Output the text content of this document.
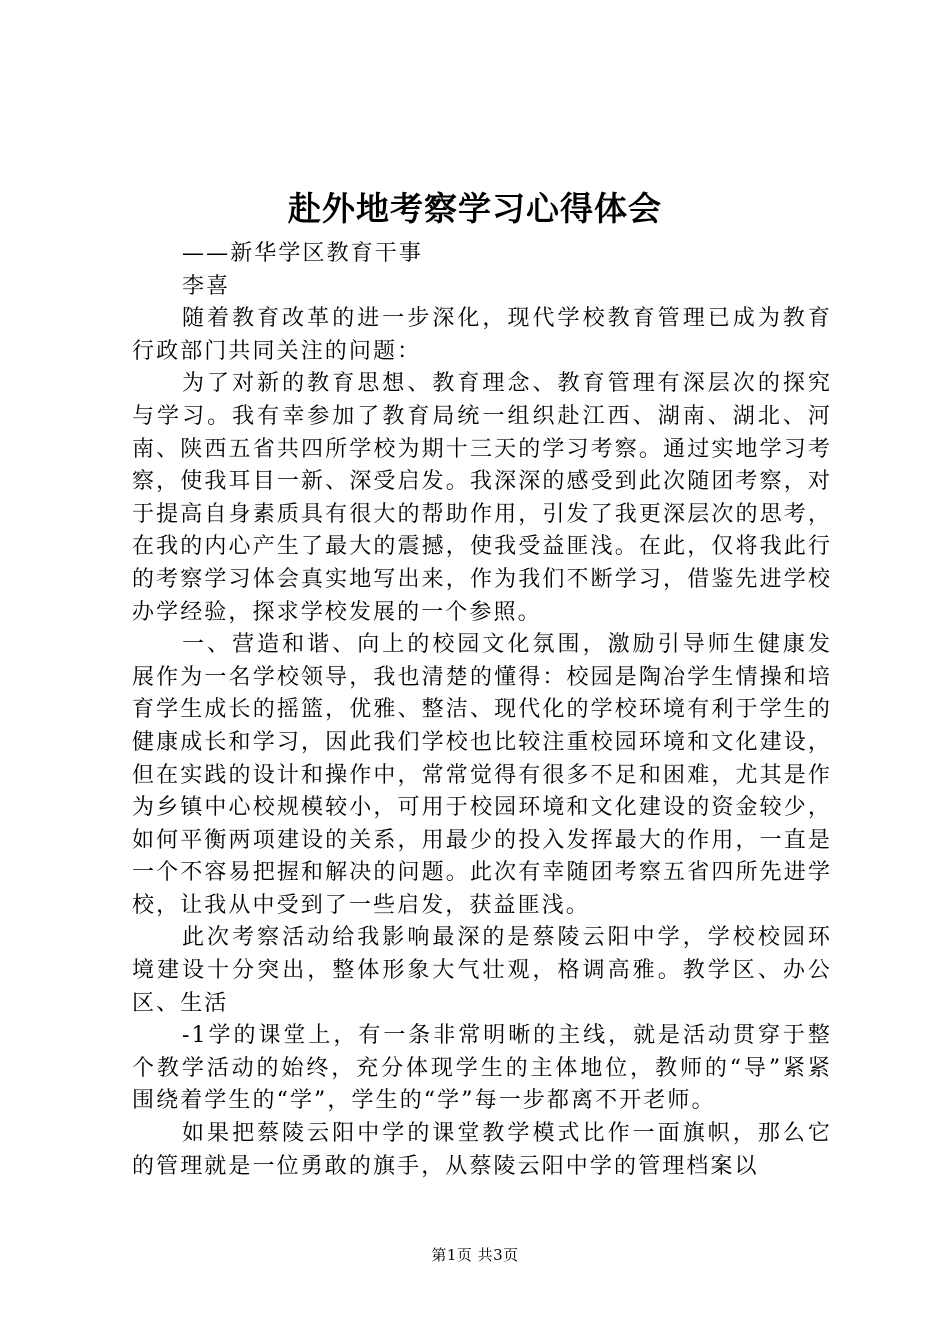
赴外地考察学习心得体会

——新华学区教育干事

李喜

随着教育改革的进一步深化，现代学校教育管理已成为教育行政部门共同关注的问题：

为了对新的教育思想、教育理念、教育管理有深层次的探究与学习。我有幸参加了教育局统一组织赴江西、湖南、湖北、河南、陕西五省共四所学校为期十三天的学习考察。通过实地学习考察，使我耳目一新、深受启发。我深深的感受到此次随团考察，对于提高自身素质具有很大的帮助作用，引发了我更深层次的思考，在我的内心产生了最大的震撼，使我受益匪浅。在此，仅将我此行的考察学习体会真实地写出来，作为我们不断学习，借鉴先进学校办学经验，探求学校发展的一个参照。

一、营造和谐、向上的校园文化氛围，激励引导师生健康发展作为一名学校领导，我也清楚的懂得：校园是陶冶学生情操和培育学生成长的摇篮，优雅、整洁、现代化的学校环境有利于学生的健康成长和学习，因此我们学校也比较注重校园环境和文化建设，但在实践的设计和操作中，常常觉得有很多不足和困难，尤其是作为乡镇中心校规模较小，可用于校园环境和文化建设的资金较少，如何平衡两项建设的关系，用最少的投入发挥最大的作用，一直是一个不容易把握和解决的问题。此次有幸随团考察五省四所先进学校，让我从中受到了一些启发，获益匪浅。

此次考察活动给我影响最深的是蔡陵云阳中学，学校校园环境建设十分突出，整体形象大气壮观，格调高雅。教学区、办公区、生活

-1学的课堂上，有一条非常明晰的主线，就是活动贯穿于整个教学活动的始终，充分体现学生的主体地位，教师的“导”紧紧围绕着学生的“学”，学生的“学”每一步都离不开老师。

如果把蔡陵云阳中学的课堂教学模式比作一面旗帜，那么它的管理就是一位勇敢的旗手，从蔡陵云阳中学的管理档案以

第1页 共3页
